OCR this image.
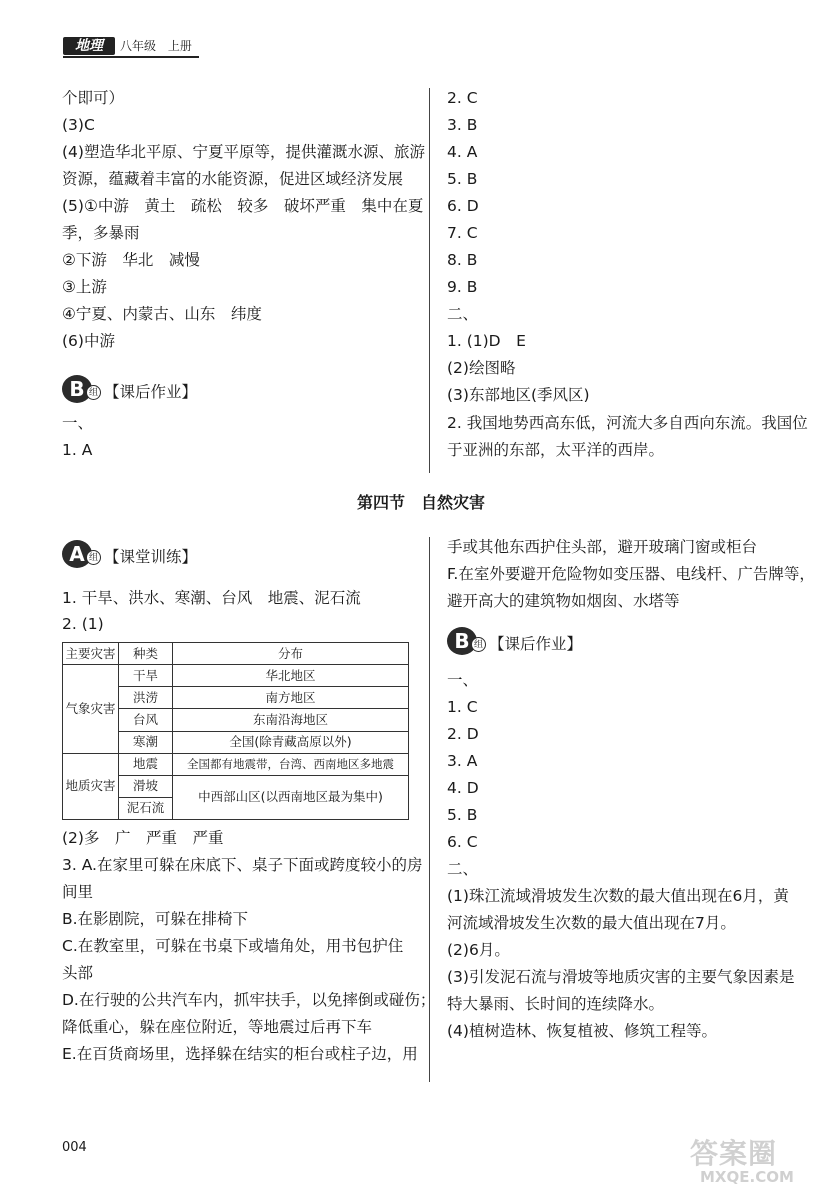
地理	八年级 上册
个即可）
(3)C
(4)塑造华北平原、宁夏平原等，提供灌溉水源、旅游
资源，蕴藏着丰富的水能资源，促进区域经济发展
(5)①中游　黄土　疏松　较多　破坏严重　集中在夏
季，多暴雨
②下游　华北　减慢
③上游
④宁夏、内蒙古、山东　纬度
(6)中游
B 组 【课后作业】
一、
1. A
2. C
3. B
4. A
5. B
6. D
7. C
8. B
9. B
二、
1. (1)D　E
(2)绘图略
(3)东部地区(季风区)
2. 我国地势西高东低，河流大多自西向东流。我国位
于亚洲的东部，太平洋的西岸。
第四节　自然灾害
A 组 【课堂训练】
1. 干旱、洪水、寒潮、台风　地震、泥石流
2. (1)
主要灾害	种类	分布
气象灾害	干旱	华北地区
	洪涝	南方地区
	台风	东南沿海地区
	寒潮	全国(除青藏高原以外)
地质灾害	地震	全国都有地震带，台湾、西南地区多地震
	滑坡	中西部山区(以西南地区最为集中)
	泥石流	
(2)多　广　严重　严重
3. A.在家里可躲在床底下、桌子下面或跨度较小的房
间里
B.在影剧院，可躲在排椅下
C.在教室里，可躲在书桌下或墙角处，用书包护住
头部
D.在行驶的公共汽车内，抓牢扶手，以免摔倒或碰伤；
降低重心，躲在座位附近，等地震过后再下车
E.在百货商场里，选择躲在结实的柜台或柱子边，用
手或其他东西护住头部，避开玻璃门窗或柜台
F.在室外要避开危险物如变压器、电线杆、广告牌等，
避开高大的建筑物如烟囱、水塔等
B 组 【课后作业】
一、
1. C
2. D
3. A
4. D
5. B
6. C
二、
(1)珠江流域滑坡发生次数的最大值出现在6月，黄
河流域滑坡发生次数的最大值出现在7月。
(2)6月。
(3)引发泥石流与滑坡等地质灾害的主要气象因素是
特大暴雨、长时间的连续降水。
(4)植树造林、恢复植被、修筑工程等。
004	答案圈
MXQE.COM
